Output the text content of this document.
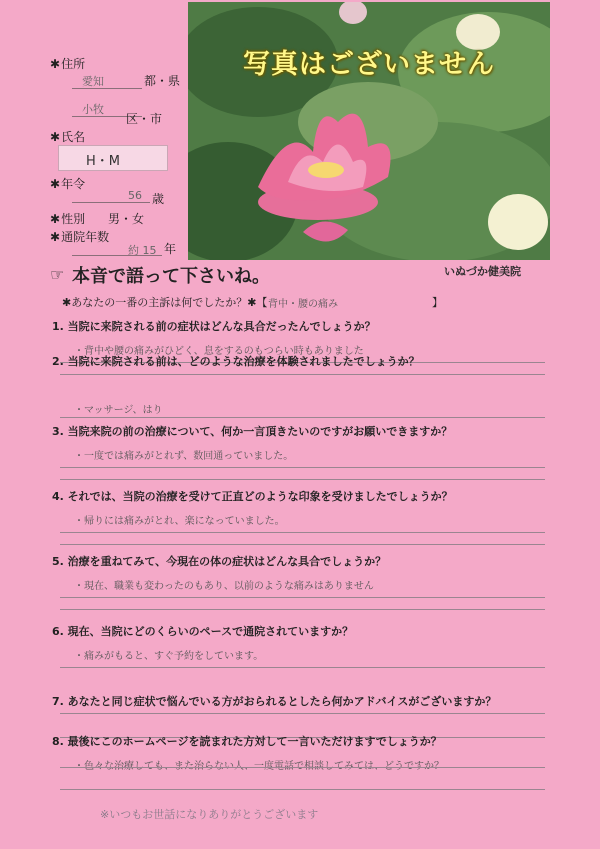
写真はございません
✱住所
愛知	都・県
小牧
区・市
✱氏名
H・M
✱年令
56 歳
✱性別 男・女
✱通院年数
約 15 年
☞ 本音で語って下さいね。	いぬづか健美院
✱あなたの一番の主訴は何でしたか？✱【 背中・腰の痛み	】
1. 当院に来院される前の症状はどんな具合だったんでしょうか？
・背中や腰の痛みがひどく、息をするのもつらい時もありました
2. 当院に来院される前は、どのような治療を体験されましたでしょうか？
・マッサージ、はり
3. 当院来院の前の治療について、何か一言頂きたいのですがお願いできますか？
・一度では痛みがとれず、数回通っていました。
4. それでは、当院の治療を受けて正直どのような印象を受けましたでしょうか？
・帰りには痛みがとれ、楽になっていました。
5. 治療を重ねてみて、今現在の体の症状はどんな具合でしょうか？
・現在、職業も変わったのもあり、以前のような痛みはありません
6. 現在、当院にどのくらいのペースで通院されていますか？
・痛みがもると、すぐ予約をしています。
7. あなたと同じ症状で悩んでいる方がおられるとしたら何かアドバイスがございますか？
8. 最後にこのホームページを読まれた方対して一言いただけますでしょうか？
※いつもお世話になりありがとうございます
